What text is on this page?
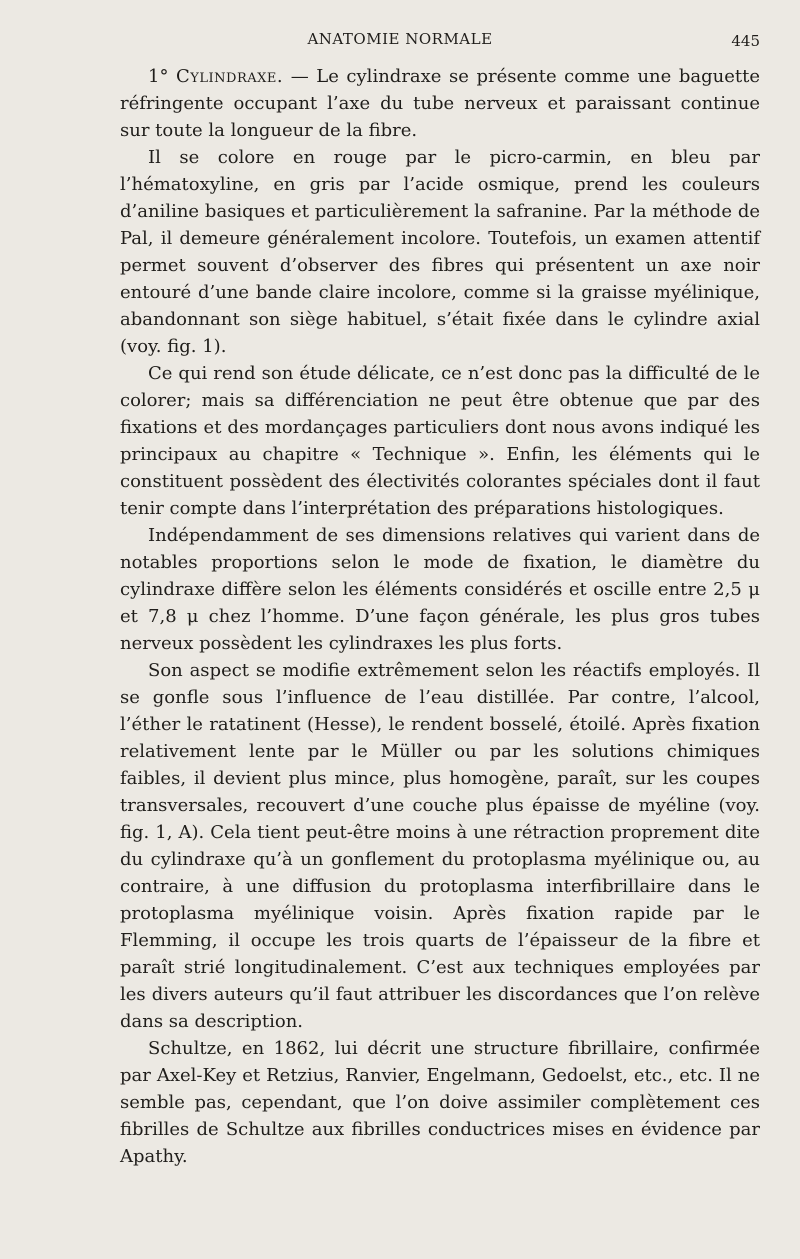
ANATOMIE NORMALE	445

1° Cylindraxe. — Le cylindraxe se présente comme une baguette réfringente occupant l’axe du tube nerveux et paraissant continue sur toute la longueur de la fibre.

Il se colore en rouge par le picro-carmin, en bleu par l’hématoxyline, en gris par l’acide osmique, prend les couleurs d’aniline basiques et particulièrement la safranine. Par la méthode de Pal, il demeure généralement incolore. Toutefois, un examen attentif permet souvent d’observer des fibres qui présentent un axe noir entouré d’une bande claire incolore, comme si la graisse myélinique, abandonnant son siège habituel, s’était fixée dans le cylindre axial (voy. fig. 1).

Ce qui rend son étude délicate, ce n’est donc pas la difficulté de le colorer; mais sa différenciation ne peut être obtenue que par des fixations et des mordançages particuliers dont nous avons indiqué les principaux au chapitre « Technique ». Enfin, les éléments qui le constituent possèdent des électivités colorantes spéciales dont il faut tenir compte dans l’interprétation des préparations histologiques.

Indépendamment de ses dimensions relatives qui varient dans de notables proportions selon le mode de fixation, le diamètre du cylindraxe diffère selon les éléments considérés et oscille entre 2,5 μ et 7,8 μ chez l’homme. D’une façon générale, les plus gros tubes nerveux possèdent les cylindraxes les plus forts.

Son aspect se modifie extrêmement selon les réactifs employés. Il se gonfle sous l’influence de l’eau distillée. Par contre, l’alcool, l’éther le ratatinent (Hesse), le rendent bosselé, étoilé. Après fixation relativement lente par le Müller ou par les solutions chimiques faibles, il devient plus mince, plus homogène, paraît, sur les coupes transversales, recouvert d’une couche plus épaisse de myéline (voy. fig. 1, A). Cela tient peut-être moins à une rétraction proprement dite du cylindraxe qu’à un gonflement du protoplasma myélinique ou, au contraire, à une diffusion du protoplasma interfibrillaire dans le protoplasma myélinique voisin. Après fixation rapide par le Flemming, il occupe les trois quarts de l’épaisseur de la fibre et paraît strié longitudinalement. C’est aux techniques employées par les divers auteurs qu’il faut attribuer les discordances que l’on relève dans sa description.

Schultze, en 1862, lui décrit une structure fibrillaire, confirmée par Axel-Key et Retzius, Ranvier, Engelmann, Gedoelst, etc., etc. Il ne semble pas, cependant, que l’on doive assimiler complètement ces fibrilles de Schultze aux fibrilles conductrices mises en évidence par Apathy.
